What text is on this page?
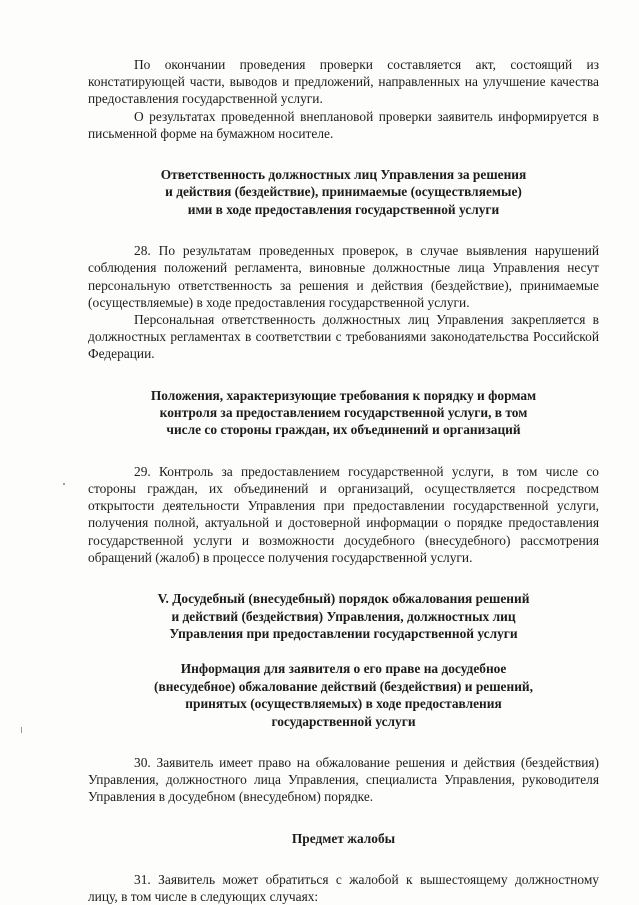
По окончании проведения проверки составляется акт, состоящий из констатирующей части, выводов и предложений, направленных на улучшение качества предоставления государственной услуги.

О результатах проведенной внеплановой проверки заявитель информируется в письменной форме на бумажном носителе.

Ответственность должностных лиц Управления за решения
и действия (бездействие), принимаемые (осуществляемые)
ими в ходе предоставления государственной услуги

28. По результатам проведенных проверок, в случае выявления нарушений соблюдения положений регламента, виновные должностные лица Управления несут персональную ответственность за решения и действия (бездействие), принимаемые (осуществляемые) в ходе предоставления государственной услуги.

Персональная ответственность должностных лиц Управления закрепляется в должностных регламентах в соответствии с требованиями законодательства Российской Федерации.

Положения, характеризующие требования к порядку и формам
контроля за предоставлением государственной услуги, в том
числе со стороны граждан, их объединений и организаций

29. Контроль за предоставлением государственной услуги, в том числе со стороны граждан, их объединений и организаций, осуществляется посредством открытости деятельности Управления при предоставлении государственной услуги, получения полной, актуальной и достоверной информации о порядке предоставления государственной услуги и возможности досудебного (внесудебного) рассмотрения обращений (жалоб) в процессе получения государственной услуги.

V. Досудебный (внесудебный) порядок обжалования решений
и действий (бездействия) Управления, должностных лиц
Управления при предоставлении государственной услуги
Информация для заявителя о его праве на досудебное
(внесудебное) обжалование действий (бездействия) и решений,
принятых (осуществляемых) в ходе предоставления
государственной услуги

30. Заявитель имеет право на обжалование решения и действия (бездействия) Управления, должностного лица Управления, специалиста Управления, руководителя Управления в досудебном (внесудебном) порядке.

Предмет жалобы

31. Заявитель может обратиться с жалобой к вышестоящему должностному лицу, в том числе в следующих случаях:
